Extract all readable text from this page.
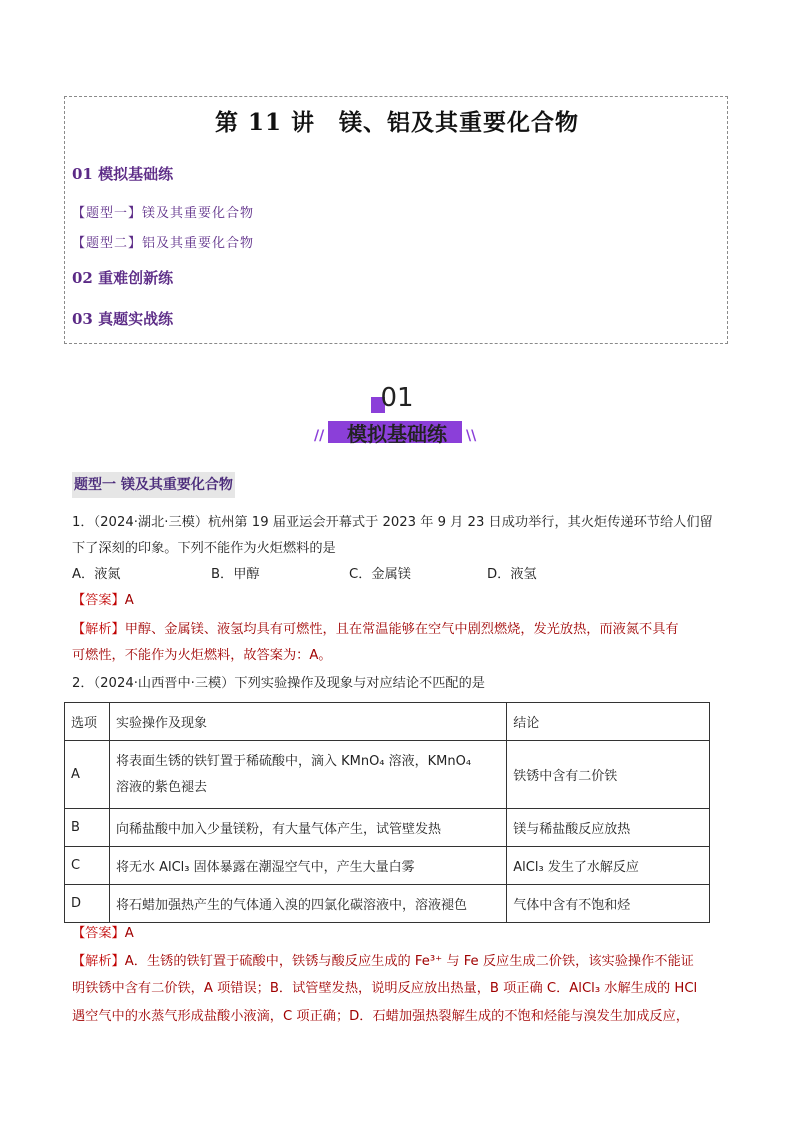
第 11 讲　镁、铝及其重要化合物
01 模拟基础练
【题型一】镁及其重要化合物
【题型二】铝及其重要化合物
02 重难创新练
03 真题实战练
01
模拟基础练
//	\\
题型一 镁及其重要化合物
1．（2024·湖北·三模）杭州第 19 届亚运会开幕式于 2023 年 9 月 23 日成功举行，其火炬传递环节给人们留
下了深刻的印象。下列不能作为火炬燃料的是
A．液氮	B．甲醇	C．金属镁	D．液氢
【答案】A
【解析】甲醇、金属镁、液氢均具有可燃性，且在常温能够在空气中剧烈燃烧，发光放热，而液氮不具有
可燃性，不能作为火炬燃料，故答案为：A。
2．（2024·山西晋中·三模）下列实验操作及现象与对应结论不匹配的是
选项	实验操作及现象	结论
A	将表面生锈的铁钉置于稀硫酸中，滴入 KMnO₄ 溶液，KMnO₄
溶液的紫色褪去	铁锈中含有二价铁
B	向稀盐酸中加入少量镁粉，有大量气体产生，试管壁发热	镁与稀盐酸反应放热
C	将无水 AlCl₃ 固体暴露在潮湿空气中，产生大量白雾	AlCl₃ 发生了水解反应
D	将石蜡加强热产生的气体通入溴的四氯化碳溶液中，溶液褪色	气体中含有不饱和烃
【答案】A
【解析】A．生锈的铁钉置于硫酸中，铁锈与酸反应生成的 Fe³⁺ 与 Fe 反应生成二价铁，该实验操作不能证
明铁锈中含有二价铁，A 项错误；B．试管壁发热，说明反应放出热量，B 项正确 C．AlCl₃ 水解生成的 HCl
遇空气中的水蒸气形成盐酸小液滴，C 项正确；D．石蜡加强热裂解生成的不饱和烃能与溴发生加成反应，
